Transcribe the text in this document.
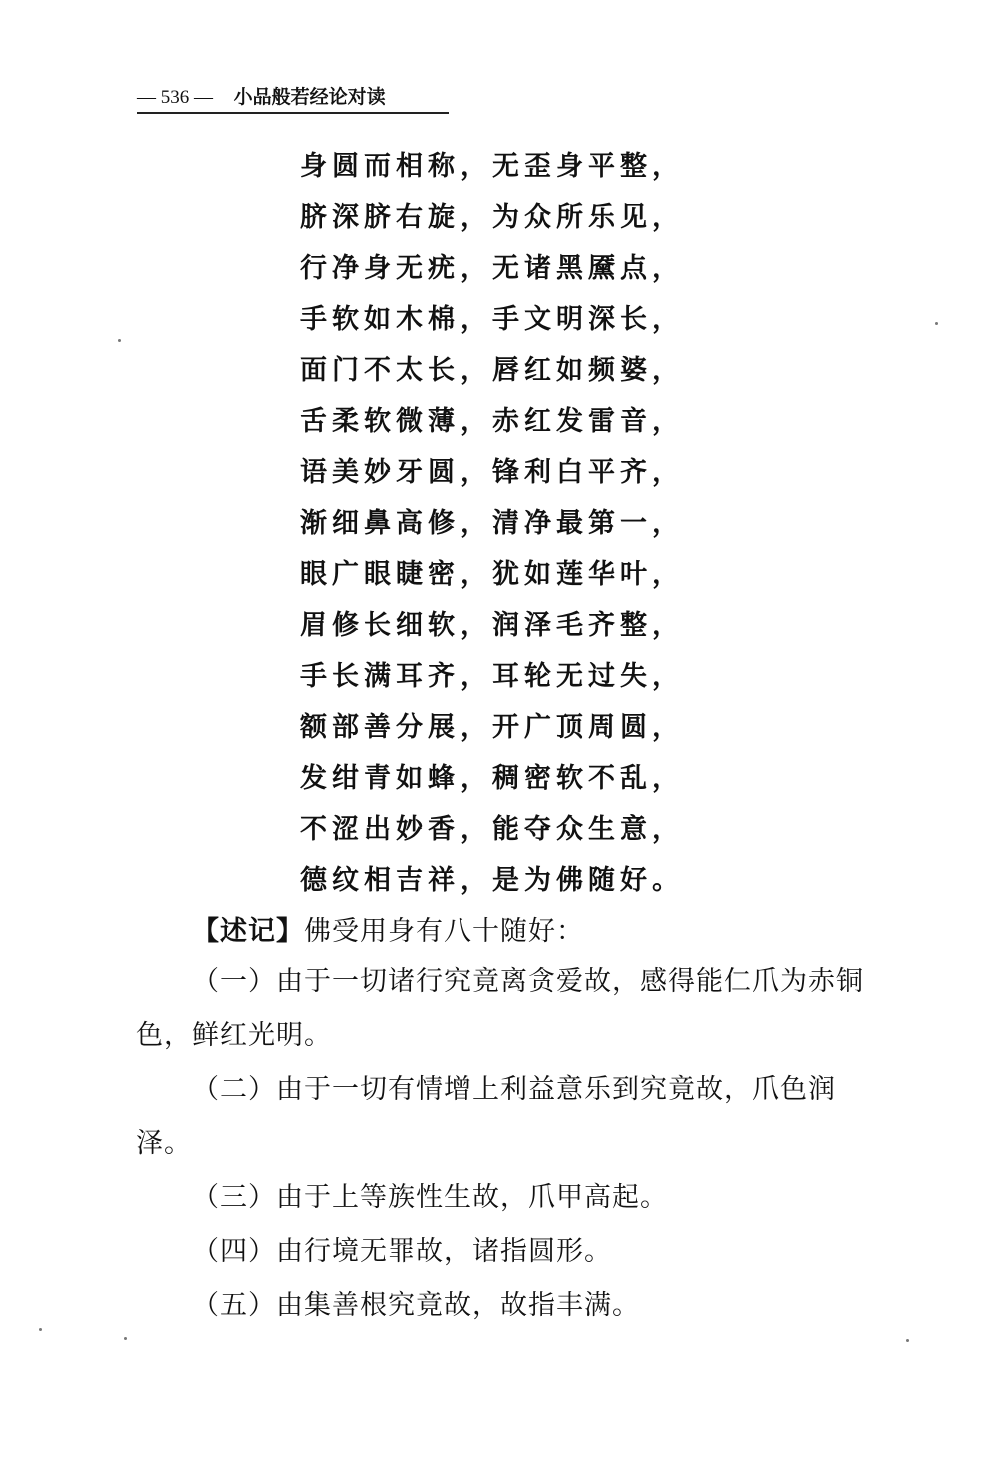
— 536 — 小品般若经论对读
身圆而相称，无歪身平整，
脐深脐右旋，为众所乐见，
行净身无疣，无诸黑黡点，
手软如木棉，手文明深长，
面门不太长，唇红如频婆，
舌柔软微薄，赤红发雷音，
语美妙牙圆，锋利白平齐，
渐细鼻高修，清净最第一，
眼广眼睫密，犹如莲华叶，
眉修长细软，润泽毛齐整，
手长满耳齐，耳轮无过失，
额部善分展，开广顶周圆，
发绀青如蜂，稠密软不乱，
不涩出妙香，能夺众生意，
德纹相吉祥，是为佛随好。

【述记】佛受用身有八十随好：

（一）由于一切诸行究竟离贪爱故，感得能仁爪为赤铜色，鲜红光明。

（二）由于一切有情增上利益意乐到究竟故，爪色润泽。

（三）由于上等族性生故，爪甲高起。

（四）由行境无罪故，诸指圆形。

（五）由集善根究竟故，故指丰满。
